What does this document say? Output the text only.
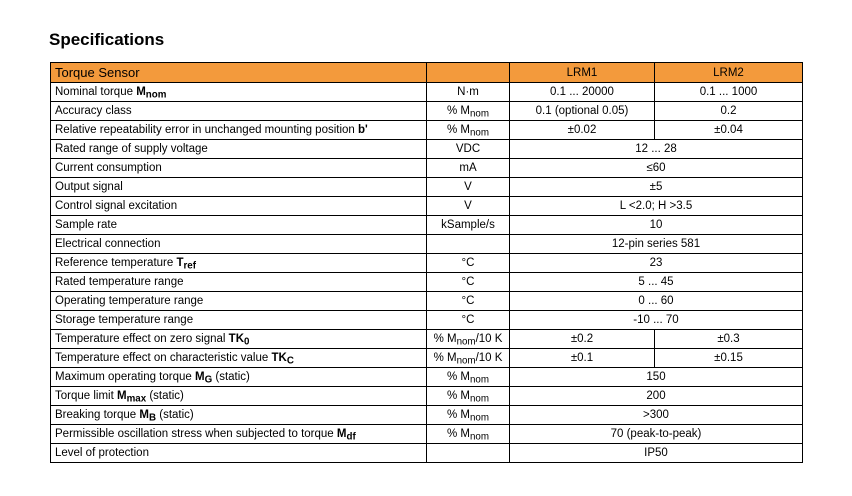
Specifications
Torque Sensor		LRM1	LRM2
Nominal torque $M_{nom}$	N·m	0.1 ... 20000	0.1 ... 1000
Accuracy class	% $M_{nom}$	0.1 (optional 0.05)	0.2
Relative repeatability error in unchanged mounting position b'	% $M_{nom}$	±0.02	±0.04
Rated range of supply voltage	VDC	12 ... 28	
Current consumption	mA	≤60	
Output signal	V	±5	
Control signal excitation	V	L <2.0; H >3.5	
Sample rate	kSample/s	10	
Electrical connection		12-pin series 581	
Reference temperature $T_{ref}$	°C	23	
Rated temperature range	°C	5 ... 45	
Operating temperature range	°C	0 ... 60	
Storage temperature range	°C	-10 ... 70	
Temperature effect on zero signal $TK_0$	% $M_{nom}/10$ K	±0.2	±0.3
Temperature effect on characteristic value $TK_C$	% $M_{nom}/10$ K	±0.1	±0.15
Maximum operating torque $M_G$ (static)	% $M_{nom}$	150	
Torque limit $M_{max}$ (static)	% $M_{nom}$	200	
Breaking torque $M_B$ (static)	% $M_{nom}$	>300	
Permissible oscillation stress when subjected to torque $M_{df}$	% $M_{nom}$	70 (peak-to-peak)	
Level of protection		IP50	
